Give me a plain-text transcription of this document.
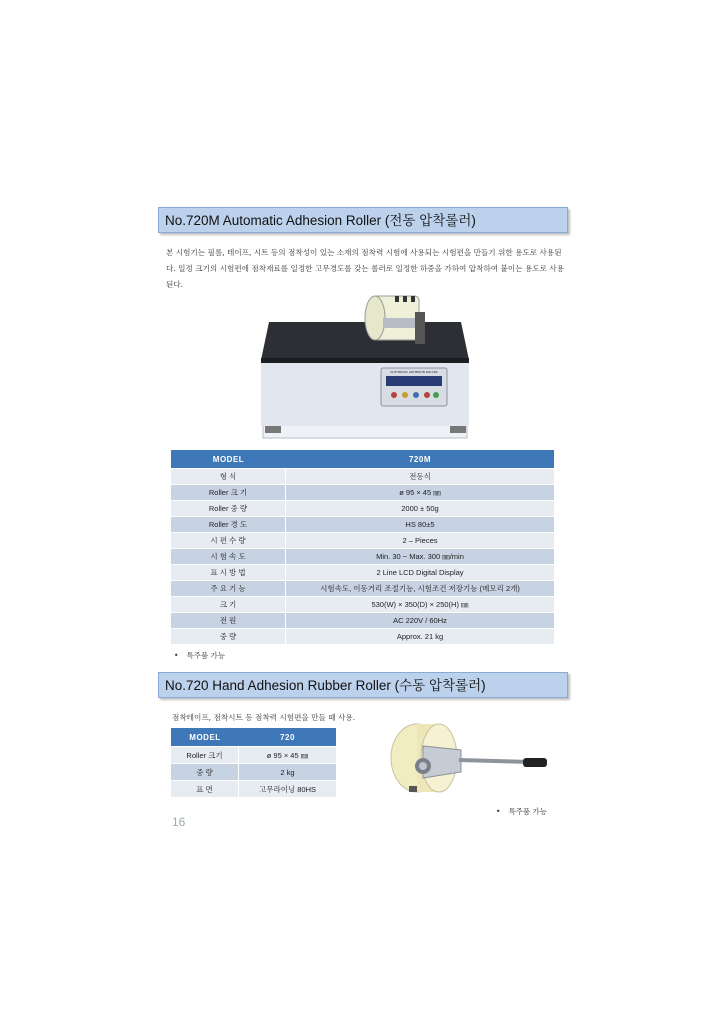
No.720M Automatic Adhesion Roller (전동 압착롤러)
본 시험기는 필름, 테이프, 시트 등의 점착성이 있는 소재의 점착력 시험에 사용되는 시험편을 만들기 위한 용도로 사용된다. 일정 크기의 시험편에 점착재료를 일정한 고무경도를 갖는 롤러로 일정한 하중을 가하여 압착하여 붙이는 용도로 사용된다.
AUTOMATIC ADHESION ROLLER
MODEL	720M
형 식	전동식
Roller 크 기	ø 95 × 45 ㎜
Roller 중 량	2000 ± 50g
Roller 경 도	HS 80±5
시 편 수 량	2 – Pieces
시 험 속 도	Min. 30 ~ Max. 300 ㎜/min
표 시 방 법	2 Line LCD Digital Display
주 요 기 능	시험속도, 이동거리 조절기능, 시험조건 저장기능 (메모리 2개)
크 기	530(W) × 350(D) × 250(H) ㎜
전 원	AC 220V / 60Hz
중 량	Approx. 21 kg
• 특주품 가능
No.720 Hand Adhesion Rubber Roller (수동 압착롤러)
점착테이프, 점착시트 등 점착력 시험편을 만들 때 사용.
MODEL	720
Roller 크기	ø 95 × 45 ㎜
중 량	2 kg
표 면	고무라이닝 80HS
• 특주품 가능
16
